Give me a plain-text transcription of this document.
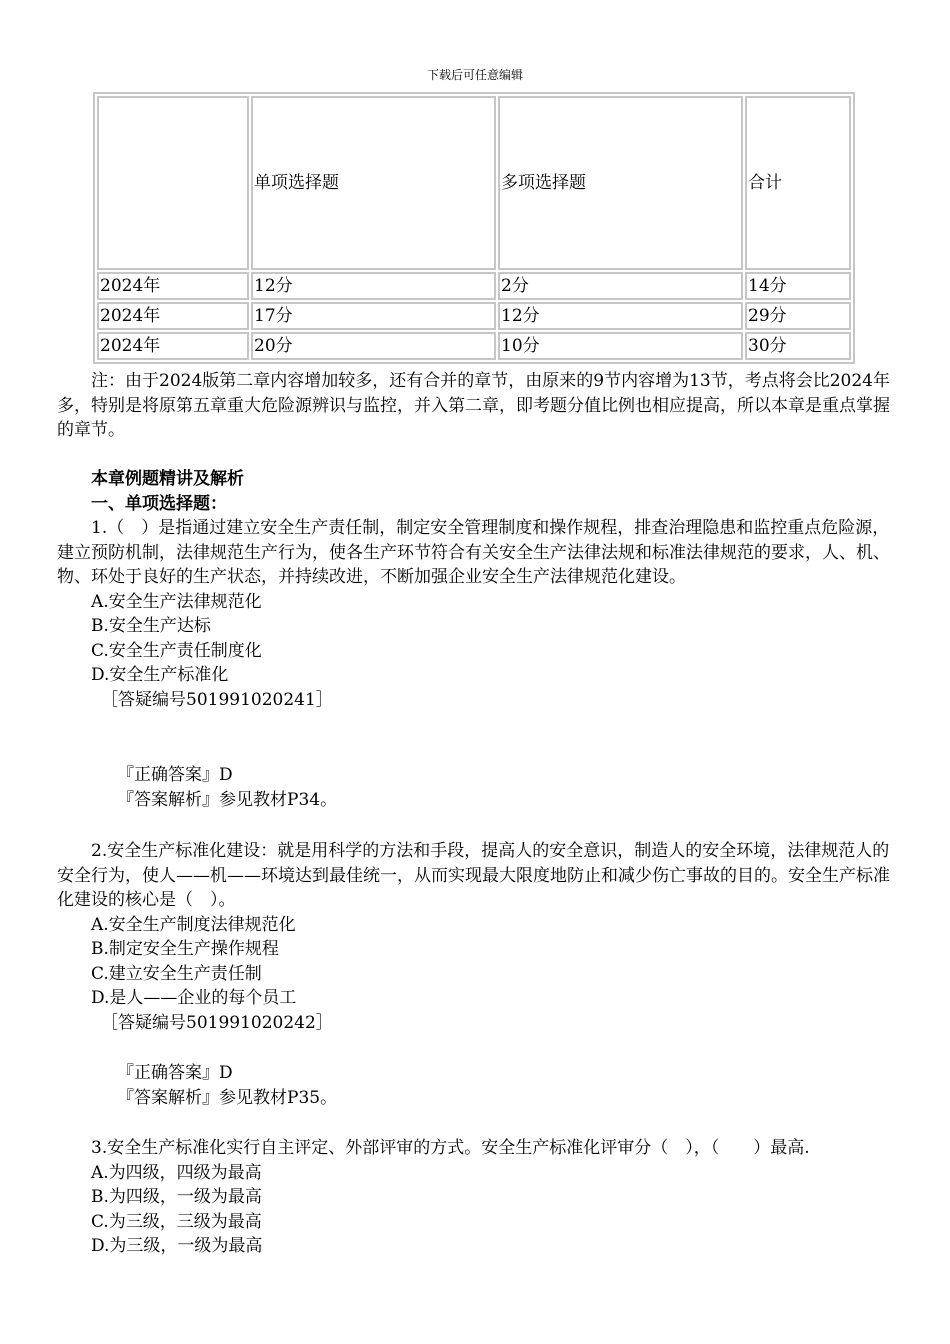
下载后可任意编辑
	单项选择题	多项选择题	合计
2024年	12分	2分	14分
2024年	17分	12分	29分
2024年	20分	10分	30分

注：由于2024版第二章内容增加较多，还有合并的章节，由原来的9节内容增为13节，考点将会比2024年多，特别是将原第五章重大危险源辨识与监控，并入第二章，即考题分值比例也相应提高，所以本章是重点掌握的章节。

本章例题精讲及解析

一、单项选择题：

1.（　）是指通过建立安全生产责任制，制定安全管理制度和操作规程，排查治理隐患和监控重点危险源，建立预防机制，法律规范生产行为，使各生产环节符合有关安全生产法律法规和标准法律规范的要求，人、机、物、环处于良好的生产状态，并持续改进，不断加强企业安全生产法律规范化建设。

A.安全生产法律规范化

B.安全生产达标

C.安全生产责任制度化

D.安全生产标准化

［答疑编号501991020241］

『正确答案』D

『答案解析』参见教材P34。

2.安全生产标准化建设：就是用科学的方法和手段，提高人的安全意识，制造人的安全环境，法律规范人的安全行为，使人——机——环境达到最佳统一，从而实现最大限度地防止和减少伤亡事故的目的。安全生产标准化建设的核心是（　）。

A.安全生产制度法律规范化

B.制定安全生产操作规程

C.建立安全生产责任制

D.是人——企业的每个员工

［答疑编号501991020242］

『正确答案』D

『答案解析』参见教材P35。

3.安全生产标准化实行自主评定、外部评审的方式。安全生产标准化评审分（　），（　　）最高.

A.为四级，四级为最高

B.为四级，一级为最高

C.为三级，三级为最高

D.为三级，一级为最高
